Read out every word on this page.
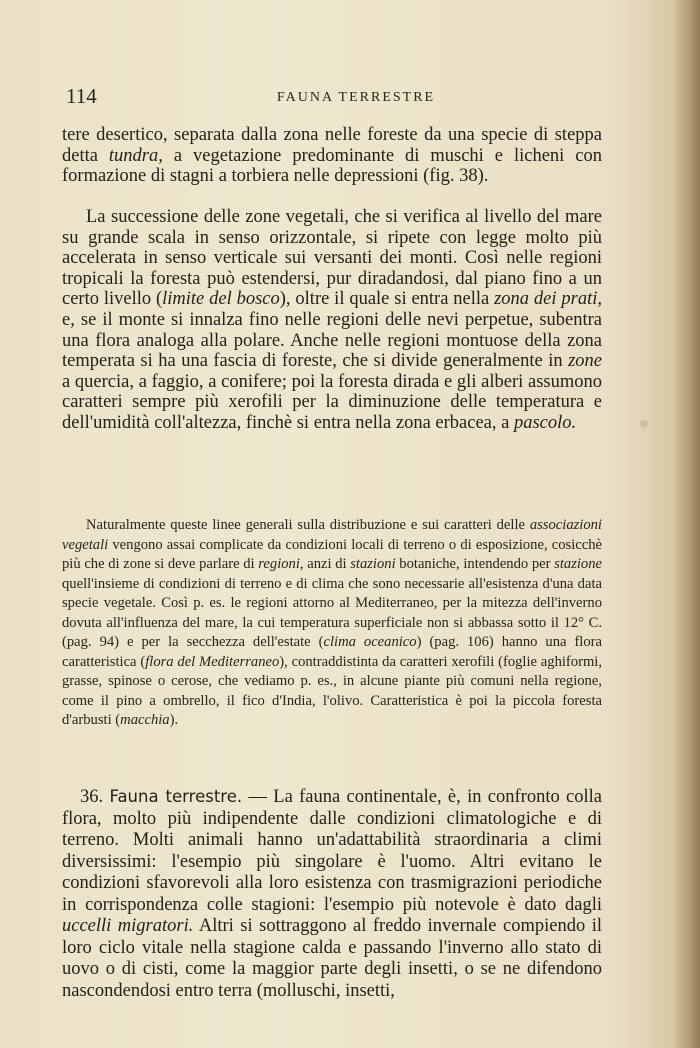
114	FAUNA TERRESTRE

tere desertico, separata dalla zona nelle foreste da una specie di steppa detta tundra, a vegetazione predominante di muschi e licheni con formazione di stagni a torbiera nelle depressioni (fig. 38).

La successione delle zone vegetali, che si verifica al livello del mare su grande scala in senso orizzontale, si ripete con legge molto più accelerata in senso verticale sui versanti dei monti. Così nelle regioni tropicali la foresta può estendersi, pur diradandosi, dal piano fino a un certo livello (limite del bosco), oltre il quale si entra nella zona dei prati, e, se il monte si innalza fino nelle regioni delle nevi perpetue, subentra una flora analoga alla polare. Anche nelle regioni montuose della zona temperata si ha una fascia di foreste, che si divide generalmente in zone a quercia, a faggio, a conifere; poi la foresta dirada e gli alberi assumono caratteri sempre più xerofili per la diminuzione delle temperatura e dell'umidità coll'altezza, finchè si entra nella zona erbacea, a pascolo.

Naturalmente queste linee generali sulla distribuzione e sui caratteri delle associazioni vegetali vengono assai complicate da condizioni locali di terreno o di esposizione, cosicchè più che di zone si deve parlare di regioni, anzi di stazioni botaniche, intendendo per stazione quell'insieme di condizioni di terreno e di clima che sono necessarie all'esistenza d'una data specie vegetale. Così p. es. le regioni attorno al Mediterraneo, per la mitezza dell'inverno dovuta all'influenza del mare, la cui temperatura superficiale non si abbassa sotto il 12° C. (pag. 94) e per la secchezza dell'estate (clima oceanico) (pag. 106) hanno una flora caratteristica (flora del Mediterraneo), contraddistinta da caratteri xerofili (foglie aghiformi, grasse, spinose o cerose, che vediamo p. es., in alcune piante più comuni nella regione, come il pino a ombrello, il fico d'India, l'olivo. Caratteristica è poi la piccola foresta d'arbusti (macchia).

36. Fauna terrestre. — La fauna continentale, è, in confronto colla flora, molto più indipendente dalle condizioni climatologiche e di terreno. Molti animali hanno un'adattabilità straordinaria a climi diversissimi: l'esempio più singolare è l'uomo. Altri evitano le condizioni sfavorevoli alla loro esistenza con trasmigrazioni periodiche in corrispondenza colle stagioni: l'esempio più notevole è dato dagli uccelli migratori. Altri si sottraggono al freddo invernale compiendo il loro ciclo vitale nella stagione calda e passando l'inverno allo stato di uovo o di cisti, come la maggior parte degli insetti, o se ne difendono nascondendosi entro terra (molluschi, insetti,
